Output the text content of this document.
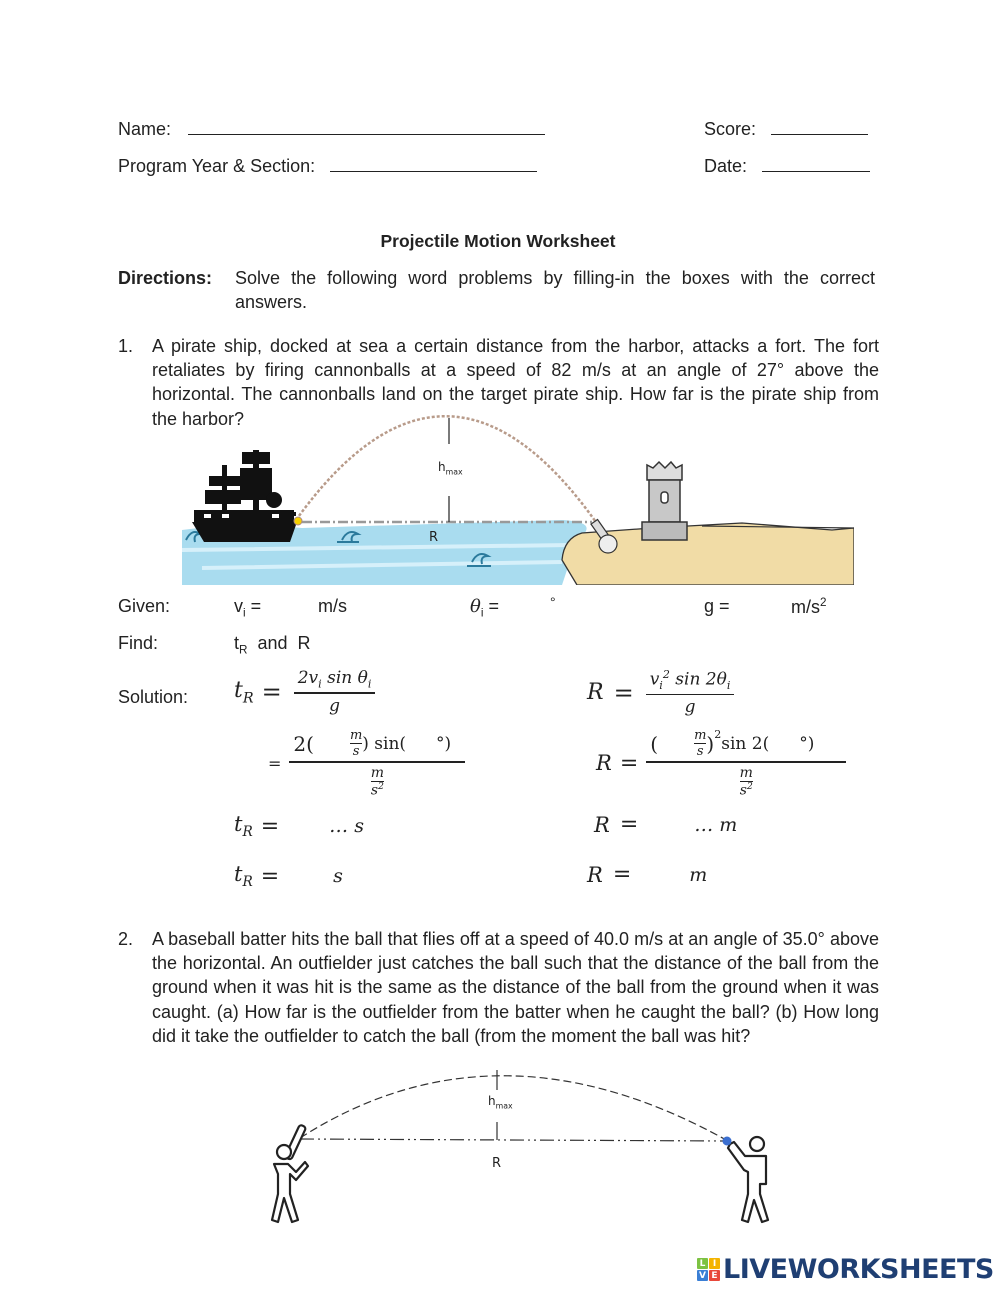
Name:	Score:
Program Year & Section:	Date:
Projectile Motion Worksheet
Directions: Solve the following word problems by filling-in the boxes with the correct answers.
1. A pirate ship, docked at sea a certain distance from the harbor, attacks a fort. The fort retaliates by firing cannonballs at a speed of 82 m/s at an angle of 27° above the horizontal. The cannonballs land on the target pirate ship. How far is the pirate ship from the harbor?
$h_{max}$
R
Given:	$v_i$ =	m/s	$\theta_i$ =	°	g =	$m/s^2$
Find:	$t_R$ and R
Solution: $t_R = \frac{2v_i \sin \theta_i}{g}$
= 2(	$\frac{m}{s}$ ) sin( °)
$\frac{m}{s^2}$
$t_R$ =	… s
$t_R$ =	s
$R = \frac{v_i^2 \sin 2\theta_i}{g}$
R = (	$\frac{m}{s} )^2$ sin 2( °)
$\frac{m}{s^2}$
R =	… m
R =	m
2. A baseball batter hits the ball that flies off at a speed of 40.0 m/s at an angle of 35.0° above the horizontal. An outfielder just catches the ball such that the distance of the ball from the ground when it was hit is the same as the distance of the ball from the ground when it was caught. (a) How far is the outfielder from the batter when he caught the ball? (b) How long did it take the outfielder to catch the ball (from the moment the ball was hit?
$h_{max}$
R
L I
V E LIVEWORKSHEETS
